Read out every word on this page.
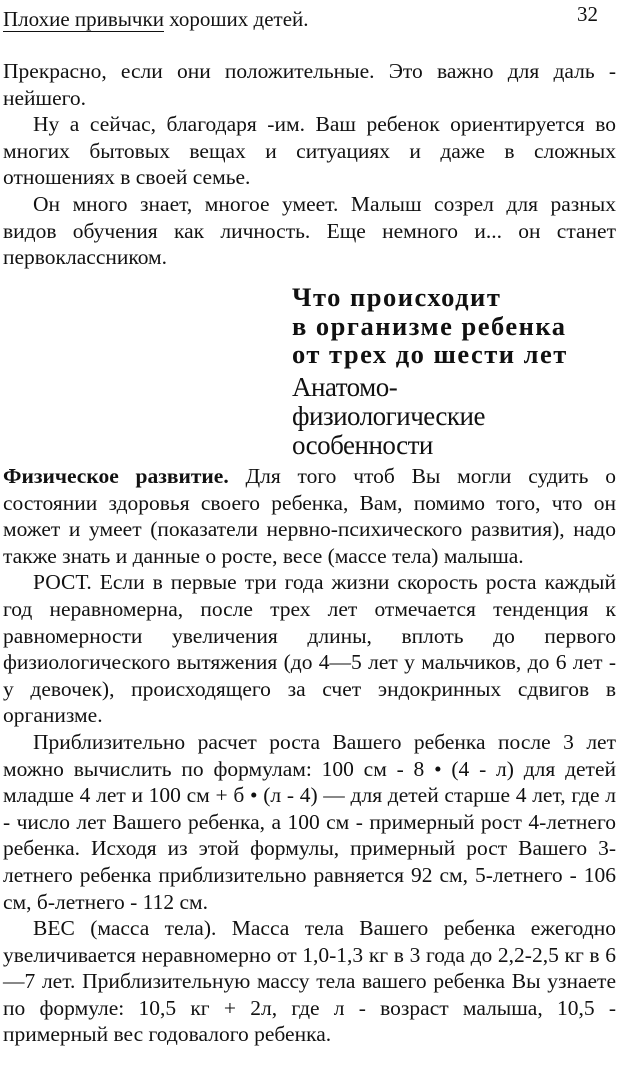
Плохие привычки хороших детей.	32

Прекрасно, если они положительные. Это важно для даль - нейшего.

Ну а сейчас, благодаря -им. Ваш ребенок ориентируется во многих бытовых вещах и ситуациях и даже в сложных отношениях в своей семье.

Он много знает, многое умеет. Малыш созрел для разных видов обучения как личность. Еще немного и... он станет первоклассником.

Что происходит

в организме ребенка

от трех до шести лет

Анатомо-
физиологические
особенности

Физическое развитие. Для того чтоб Вы могли судить о состоянии здоровья своего ребенка, Вам, помимо того, что он может и умеет (показатели нервно-психического развития), надо также знать и данные о росте, весе (массе тела) малыша.

РОСТ. Если в первые три года жизни скорость роста каждый год неравномерна, после трех лет отмечается тенденция к равномерности увеличения длины, вплоть до первого физиологического вытяжения (до 4—5 лет у мальчиков, до 6 лет - у девочек), происходящего за счет эндокринных сдвигов в организме.

Приблизительно расчет роста Вашего ребенка после 3 лет можно вычислить по формулам: 100 см - 8 • (4 - л) для детей младше 4 лет и 100 см + б • (л - 4) — для детей старше 4 лет, где л - число лет Вашего ребенка, а 100 см - примерный рост 4-летнего ребенка. Исходя из этой формулы, примерный рост Вашего 3-летнего ребенка приблизительно равняется 92 см, 5-летнего - 106 см, б-летнего - 112 см.

ВЕС (масса тела). Масса тела Вашего ребенка ежегодно увеличивается неравномерно от 1,0-1,3 кг в 3 года до 2,2-2,5 кг в 6—7 лет. Приблизительную массу тела вашего ребенка Вы узнаете по формуле: 10,5 кг + 2л, где л - возраст малыша, 10,5 - примерный вес годовалого ребенка.
